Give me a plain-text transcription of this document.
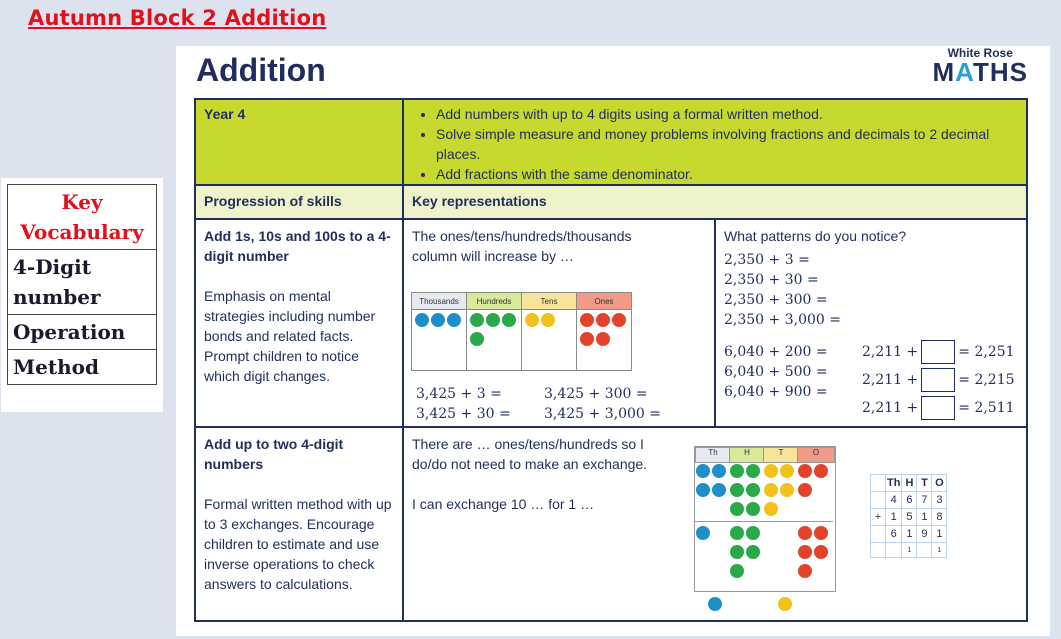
Autumn Block 2 Addition
Key Vocabulary
4-Digit number
Operation
Method
Addition	White Rose
MATHS
Year 4	• Add numbers with up to 4 digits using a formal written method.
• Solve simple measure and money problems involving fractions and decimals to 2 decimal places.
• Add fractions with the same denominator.
Progression of skills	Key representations
Add 1s, 10s and 100s to a 4-digit number
Emphasis on mental strategies including number bonds and related facts. Prompt children to notice which digit changes.
The ones/tens/hundreds/thousands column will increase by …
Thousands	Hundreds	Tens	Ones

3,425 + 3 =
3,425 + 30 =
3,425 + 300 =
3,425 + 3,000 =
What patterns do you notice?
2,350 + 3 =
2,350 + 30 =
2,350 + 300 =
2,350 + 3,000 =
6,040 + 200 =
6,040 + 500 =
6,040 + 900 =
2,211 +	= 2,251
2,211 +	= 2,215
2,211 +	= 2,511
Add up to two 4-digit numbers
Formal written method with up to 3 exchanges. Encourage children to estimate and use inverse operations to check answers to calculations.
There are … ones/tens/hundreds so I do/do not need to make an exchange.
I can exchange 10 … for 1 …
Th	H	T	O
	Th	H	T	O
	4	6	7	3
+	1	5	1	8
	6	1	9	1
		1		1
